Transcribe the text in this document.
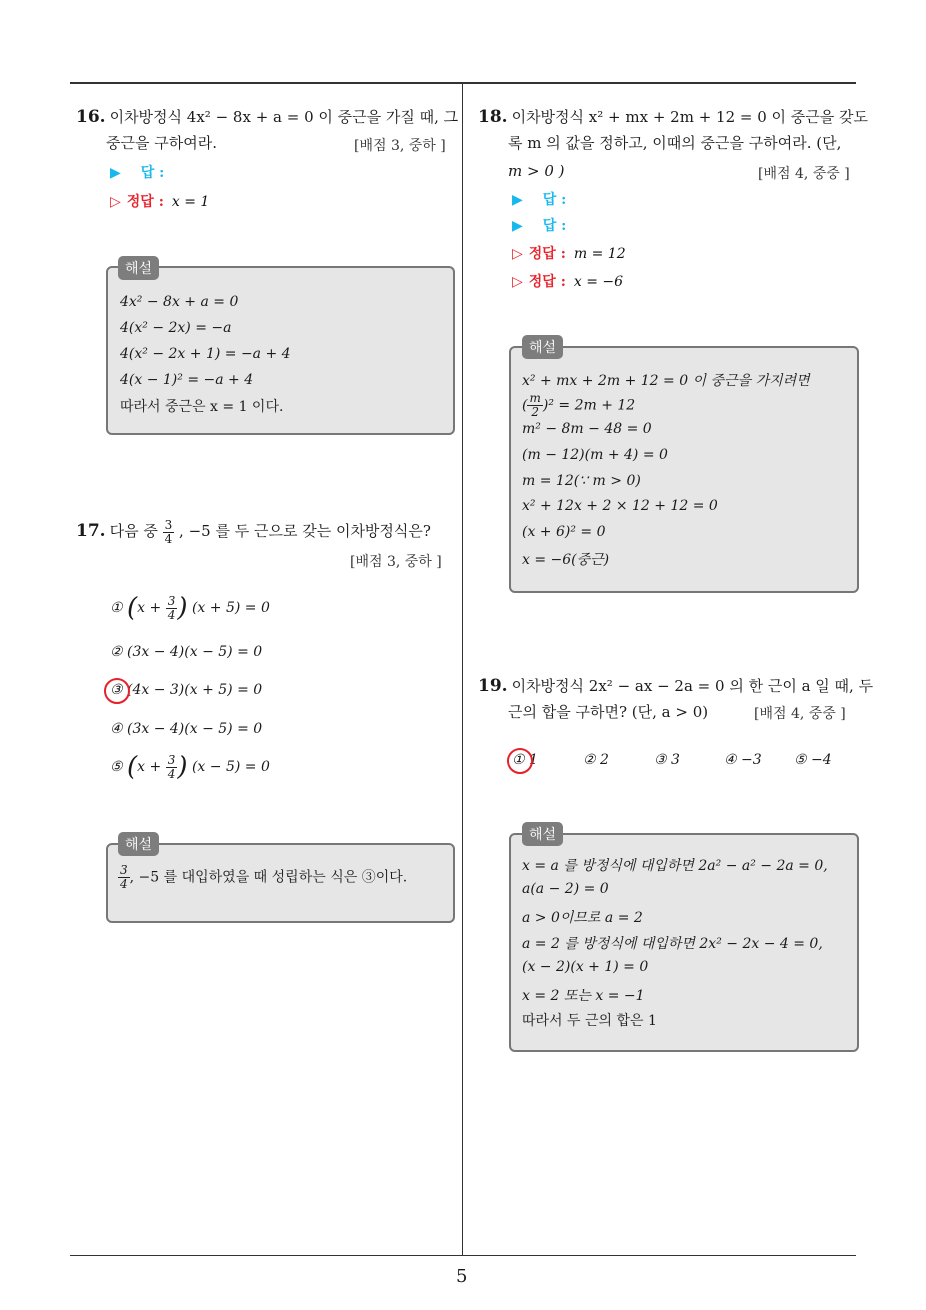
5
16. 이차방정식 4x² − 8x + a = 0 이 중근을 가질 때, 그
중근을 구하여라.	[배점 3, 중하 ]
▶ 답 :
▷ 정답 : x = 1
해설
4x² − 8x + a = 0
4(x² − 2x) = −a
4(x² − 2x + 1) = −a + 4
4(x − 1)² = −a + 4
따라서 중근은 x = 1 이다.
17. 다음 중 $\frac{3}{4}$ , −5 를 두 근으로 갖는 이차방정식은?
[배점 3, 중하 ]
① ($x + \frac{3}{4}$ ) (x + 5) = 0
② (3x − 4)(x − 5) = 0
③ (4x − 3)(x + 5) = 0
④ (3x − 4)(x − 5) = 0
⑤ ($x + \frac{3}{4}$ ) (x − 5) = 0
해설
$\frac{3}{4}$ , −5 를 대입하였을 때 성립하는 식은 ③이다.
18. 이차방정식 x² + mx + 2m + 12 = 0 이 중근을 갖도
록 m 의 값을 정하고, 이때의 중근을 구하여라. (단,
m > 0 )	[배점 4, 중중 ]
▶ 답 :
▶ 답 :
▷ 정답 : m = 12
▷ 정답 : x = −6
해설
x² + mx + 2m + 12 = 0 이 중근을 가지려면
( $\frac{m}{2} )^2 = 2m + 12$
m² − 8m − 48 = 0
(m − 12)(m + 4) = 0
m = 12(∵ m > 0)
x² + 12x + 2 × 12 + 12 = 0
(x + 6)² = 0
x = −6(중근)
19. 이차방정식 2x² − ax − 2a = 0 의 한 근이 a 일 때, 두
근의 합을 구하면? (단, a > 0)	[배점 4, 중중 ]
① 1	② 2	③ 3	④ −3 ⑤ −4
해설
x = a 를 방정식에 대입하면 2a² − a² − 2a = 0,
a(a − 2) = 0
a > 0이므로 a = 2
a = 2 를 방정식에 대입하면 2x² − 2x − 4 = 0,
(x − 2)(x + 1) = 0
x = 2 또는 x = −1
따라서 두 근의 합은 1
